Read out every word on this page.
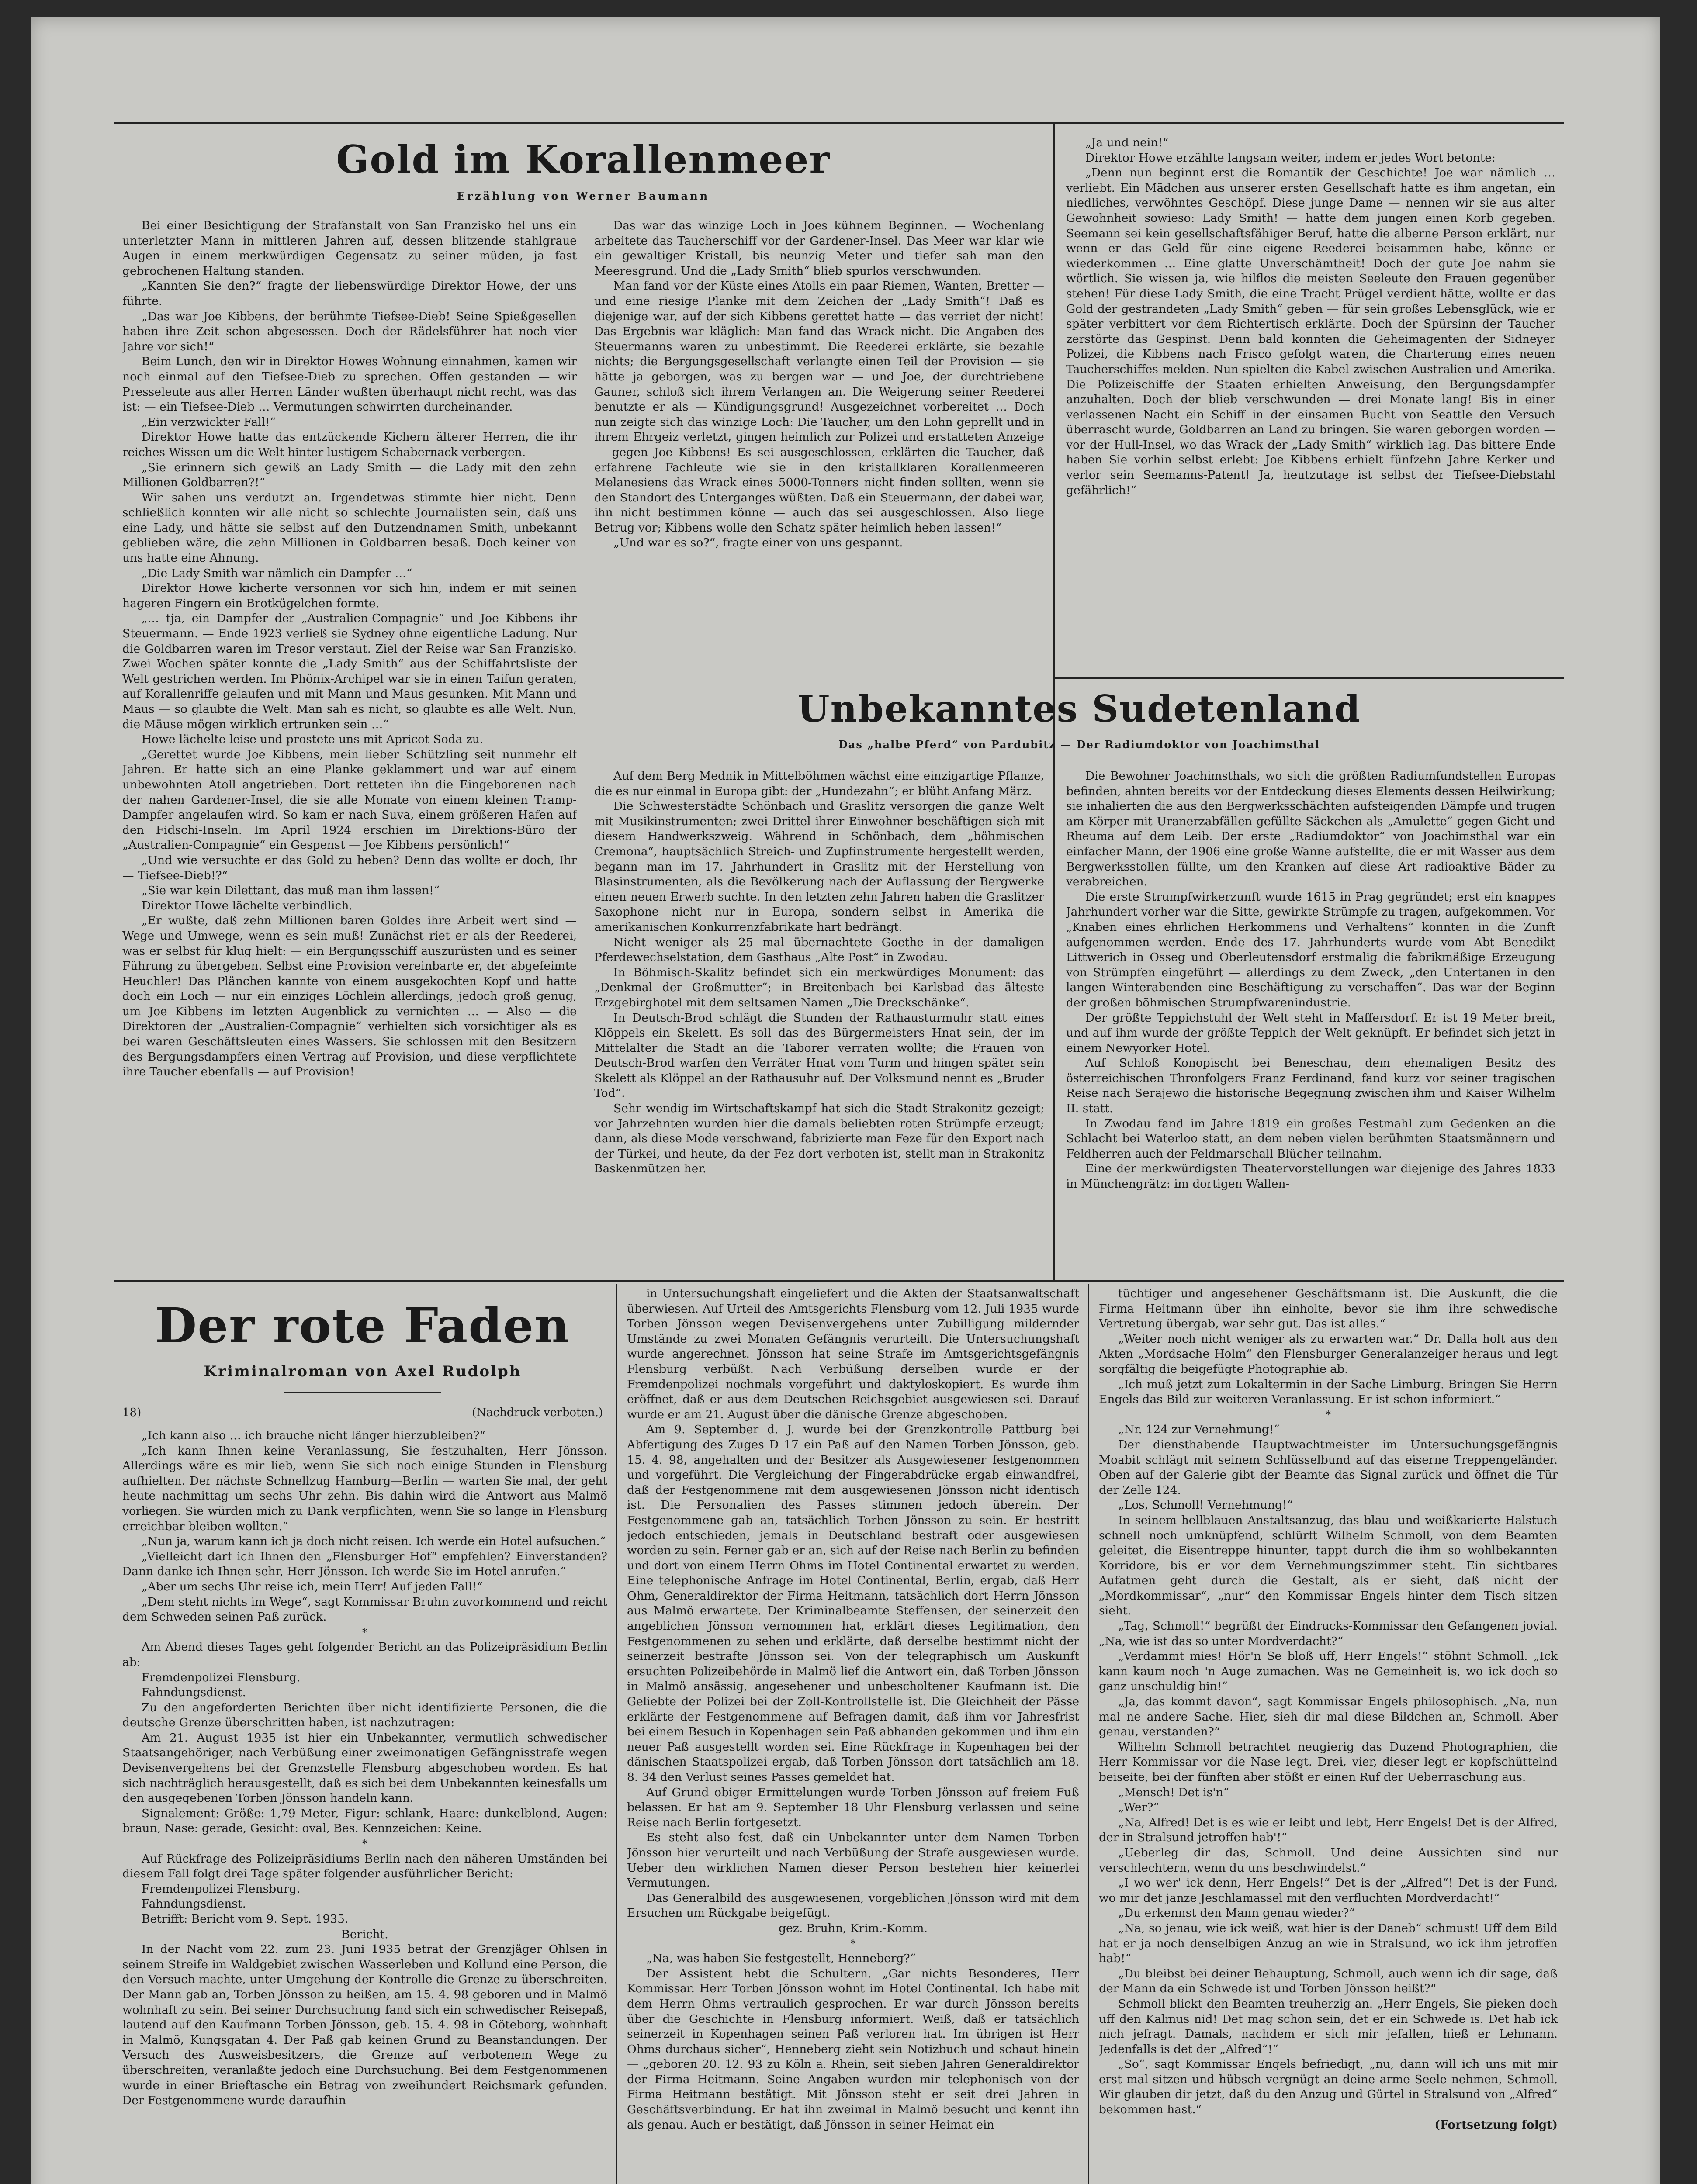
Gold im Korallenmeer

Erzählung von Werner Baumann

Bei einer Besichtigung der Strafanstalt von San Franzisko fiel uns ein unterletzter Mann in mittleren Jahren auf, dessen blitzende stahlgraue Augen in einem merkwürdigen Gegensatz zu seiner müden, ja fast gebrochenen Haltung standen.

„Kannten Sie den?“ fragte der liebenswürdige Direktor Howe, der uns führte.

„Das war Joe Kibbens, der berühmte Tiefsee-Dieb! Seine Spießgesellen haben ihre Zeit schon abgesessen. Doch der Rädelsführer hat noch vier Jahre vor sich!“

Beim Lunch, den wir in Direktor Howes Wohnung einnahmen, kamen wir noch einmal auf den Tiefsee-Dieb zu sprechen. Offen gestanden — wir Presseleute aus aller Herren Länder wußten überhaupt nicht recht, was das ist: — ein Tiefsee-Dieb … Vermutungen schwirrten durcheinander.

„Ein verzwickter Fall!“

Direktor Howe hatte das entzückende Kichern älterer Herren, die ihr reiches Wissen um die Welt hinter lustigem Schabernack verbergen.

„Sie erinnern sich gewiß an Lady Smith — die Lady mit den zehn Millionen Goldbarren?!“

Wir sahen uns verdutzt an. Irgendetwas stimmte hier nicht. Denn schließlich konnten wir alle nicht so schlechte Journalisten sein, daß uns eine Lady, und hätte sie selbst auf den Dutzendnamen Smith, unbekannt geblieben wäre, die zehn Millionen in Goldbarren besaß. Doch keiner von uns hatte eine Ahnung.

„Die Lady Smith war nämlich ein Dampfer …“

Direktor Howe kicherte versonnen vor sich hin, indem er mit seinen hageren Fingern ein Brotkügelchen formte.

„… tja, ein Dampfer der „Australien-Compagnie“ und Joe Kibbens ihr Steuermann. — Ende 1923 verließ sie Sydney ohne eigentliche Ladung. Nur die Goldbarren waren im Tresor verstaut. Ziel der Reise war San Franzisko. Zwei Wochen später konnte die „Lady Smith“ aus der Schiffahrtsliste der Welt gestrichen werden. Im Phönix-Archipel war sie in einen Taifun geraten, auf Korallenriffe gelaufen und mit Mann und Maus gesunken. Mit Mann und Maus — so glaubte die Welt. Man sah es nicht, so glaubte es alle Welt. Nun, die Mäuse mögen wirklich ertrunken sein …“

Howe lächelte leise und prostete uns mit Apricot-Soda zu.

„Gerettet wurde Joe Kibbens, mein lieber Schützling seit nunmehr elf Jahren. Er hatte sich an eine Planke geklammert und war auf einem unbewohnten Atoll angetrieben. Dort retteten ihn die Eingeborenen nach der nahen Gardener-Insel, die sie alle Monate von einem kleinen Tramp-Dampfer angelaufen wird. So kam er nach Suva, einem größeren Hafen auf den Fidschi-Inseln. Im April 1924 erschien im Direktions-Büro der „Australien-Compagnie“ ein Gespenst — Joe Kibbens persönlich!“

„Und wie versuchte er das Gold zu heben? Denn das wollte er doch, Ihr — Tiefsee-Dieb!?“

„Sie war kein Dilettant, das muß man ihm lassen!“

Direktor Howe lächelte verbindlich.

„Er wußte, daß zehn Millionen baren Goldes ihre Arbeit wert sind — Wege und Umwege, wenn es sein muß! Zunächst riet er als der Reederei, was er selbst für klug hielt: — ein Bergungsschiff auszurüsten und es seiner Führung zu übergeben. Selbst eine Provision vereinbarte er, der abgefeimte Heuchler! Das Plänchen kannte von einem ausgekochten Kopf und hatte doch ein Loch — nur ein einziges Löchlein allerdings, jedoch groß genug, um Joe Kibbens im letzten Augenblick zu vernichten … — Also — die Direktoren der „Australien-Compagnie“ verhielten sich vorsichtiger als es bei waren Geschäftsleuten eines Wassers. Sie schlossen mit den Besitzern des Bergungsdampfers einen Vertrag auf Provision, und diese verpflichtete ihre Taucher ebenfalls — auf Provision!

Das war das winzige Loch in Joes kühnem Beginnen. — Wochenlang arbeitete das Taucherschiff vor der Gardener-Insel. Das Meer war klar wie ein gewaltiger Kristall, bis neunzig Meter und tiefer sah man den Meeresgrund. Und die „Lady Smith“ blieb spurlos verschwunden.

Man fand vor der Küste eines Atolls ein paar Riemen, Wanten, Bretter — und eine riesige Planke mit dem Zeichen der „Lady Smith“! Daß es diejenige war, auf der sich Kibbens gerettet hatte — das verriet der nicht! Das Ergebnis war kläglich: Man fand das Wrack nicht. Die Angaben des Steuermanns waren zu unbestimmt. Die Reederei erklärte, sie bezahle nichts; die Bergungsgesellschaft verlangte einen Teil der Provision — sie hätte ja geborgen, was zu bergen war — und Joe, der durchtriebene Gauner, schloß sich ihrem Verlangen an. Die Weigerung seiner Reederei benutzte er als — Kündigungsgrund! Ausgezeichnet vorbereitet … Doch nun zeigte sich das winzige Loch: Die Taucher, um den Lohn geprellt und in ihrem Ehrgeiz verletzt, gingen heimlich zur Polizei und erstatteten Anzeige — gegen Joe Kibbens! Es sei ausgeschlossen, erklärten die Taucher, daß erfahrene Fachleute wie sie in den kristallklaren Korallenmeeren Melanesiens das Wrack eines 5000-Tonners nicht finden sollten, wenn sie den Standort des Unterganges wüßten. Daß ein Steuermann, der dabei war, ihn nicht bestimmen könne — auch das sei ausgeschlossen. Also liege Betrug vor; Kibbens wolle den Schatz später heimlich heben lassen!“

„Und war es so?“, fragte einer von uns gespannt.

„Ja und nein!“

Direktor Howe erzählte langsam weiter, indem er jedes Wort betonte:

„Denn nun beginnt erst die Romantik der Geschichte! Joe war nämlich … verliebt. Ein Mädchen aus unserer ersten Gesellschaft hatte es ihm angetan, ein niedliches, verwöhntes Geschöpf. Diese junge Dame — nennen wir sie aus alter Gewohnheit sowieso: Lady Smith! — hatte dem jungen einen Korb gegeben. Seemann sei kein gesellschaftsfähiger Beruf, hatte die alberne Person erklärt, nur wenn er das Geld für eine eigene Reederei beisammen habe, könne er wiederkommen … Eine glatte Unverschämtheit! Doch der gute Joe nahm sie wörtlich. Sie wissen ja, wie hilflos die meisten Seeleute den Frauen gegenüber stehen! Für diese Lady Smith, die eine Tracht Prügel verdient hätte, wollte er das Gold der gestrandeten „Lady Smith“ geben — für sein großes Lebensglück, wie er später verbittert vor dem Richtertisch erklärte. Doch der Spürsinn der Taucher zerstörte das Gespinst. Denn bald konnten die Geheimagenten der Sidneyer Polizei, die Kibbens nach Frisco gefolgt waren, die Charterung eines neuen Taucherschiffes melden. Nun spielten die Kabel zwischen Australien und Amerika. Die Polizeischiffe der Staaten erhielten Anweisung, den Bergungsdampfer anzuhalten. Doch der blieb verschwunden — drei Monate lang! Bis in einer verlassenen Nacht ein Schiff in der einsamen Bucht von Seattle den Versuch überrascht wurde, Goldbarren an Land zu bringen. Sie waren geborgen worden — vor der Hull-Insel, wo das Wrack der „Lady Smith“ wirklich lag. Das bittere Ende haben Sie vorhin selbst erlebt: Joe Kibbens erhielt fünfzehn Jahre Kerker und verlor sein Seemanns-Patent! Ja, heutzutage ist selbst der Tiefsee-Diebstahl gefährlich!“

Unbekanntes Sudetenland

Das „halbe Pferd“ von Pardubitz — Der Radiumdoktor von Joachimsthal

Auf dem Berg Mednik in Mittelböhmen wächst eine einzigartige Pflanze, die es nur einmal in Europa gibt: der „Hundezahn“; er blüht Anfang März.

Die Schwesterstädte Schönbach und Graslitz versorgen die ganze Welt mit Musikinstrumenten; zwei Drittel ihrer Einwohner beschäftigen sich mit diesem Handwerkszweig. Während in Schönbach, dem „böhmischen Cremona“, hauptsächlich Streich- und Zupfinstrumente hergestellt werden, begann man im 17. Jahrhundert in Graslitz mit der Herstellung von Blasinstrumenten, als die Bevölkerung nach der Auflassung der Bergwerke einen neuen Erwerb suchte. In den letzten zehn Jahren haben die Graslitzer Saxophone nicht nur in Europa, sondern selbst in Amerika die amerikanischen Konkurrenzfabrikate hart bedrängt.

Nicht weniger als 25 mal übernachtete Goethe in der damaligen Pferdewechselstation, dem Gasthaus „Alte Post“ in Zwodau.

In Böhmisch-Skalitz befindet sich ein merkwürdiges Monument: das „Denkmal der Großmutter“; in Breitenbach bei Karlsbad das älteste Erzgebirghotel mit dem seltsamen Namen „Die Dreckschänke“.

In Deutsch-Brod schlägt die Stunden der Rathausturmuhr statt eines Klöppels ein Skelett. Es soll das des Bürgermeisters Hnat sein, der im Mittelalter die Stadt an die Taborer verraten wollte; die Frauen von Deutsch-Brod warfen den Verräter Hnat vom Turm und hingen später sein Skelett als Klöppel an der Rathausuhr auf. Der Volksmund nennt es „Bruder Tod“.

Sehr wendig im Wirtschaftskampf hat sich die Stadt Strakonitz gezeigt; vor Jahrzehnten wurden hier die damals beliebten roten Strümpfe erzeugt; dann, als diese Mode verschwand, fabrizierte man Feze für den Export nach der Türkei, und heute, da der Fez dort verboten ist, stellt man in Strakonitz Baskenmützen her.

Die Bewohner Joachimsthals, wo sich die größten Radiumfundstellen Europas befinden, ahnten bereits vor der Entdeckung dieses Elements dessen Heilwirkung; sie inhalierten die aus den Bergwerksschächten aufsteigenden Dämpfe und trugen am Körper mit Uranerzabfällen gefüllte Säckchen als „Amulette“ gegen Gicht und Rheuma auf dem Leib. Der erste „Radiumdoktor“ von Joachimsthal war ein einfacher Mann, der 1906 eine große Wanne aufstellte, die er mit Wasser aus dem Bergwerksstollen füllte, um den Kranken auf diese Art radioaktive Bäder zu verabreichen.

Die erste Strumpfwirkerzunft wurde 1615 in Prag gegründet; erst ein knappes Jahrhundert vorher war die Sitte, gewirkte Strümpfe zu tragen, aufgekommen. Vor „Knaben eines ehrlichen Herkommens und Verhaltens“ konnten in die Zunft aufgenommen werden. Ende des 17. Jahrhunderts wurde vom Abt Benedikt Littwerich in Osseg und Oberleutensdorf erstmalig die fabrikmäßige Erzeugung von Strümpfen eingeführt — allerdings zu dem Zweck, „den Untertanen in den langen Winterabenden eine Beschäftigung zu verschaffen“. Das war der Beginn der großen böhmischen Strumpfwarenindustrie.

Der größte Teppichstuhl der Welt steht in Maffersdorf. Er ist 19 Meter breit, und auf ihm wurde der größte Teppich der Welt geknüpft. Er befindet sich jetzt in einem Newyorker Hotel.

Auf Schloß Konopischt bei Beneschau, dem ehemaligen Besitz des österreichischen Thronfolgers Franz Ferdinand, fand kurz vor seiner tragischen Reise nach Serajewo die historische Begegnung zwischen ihm und Kaiser Wilhelm II. statt.

In Zwodau fand im Jahre 1819 ein großes Festmahl zum Gedenken an die Schlacht bei Waterloo statt, an dem neben vielen berühmten Staatsmännern und Feldherren auch der Feldmarschall Blücher teilnahm.

Eine der merkwürdigsten Theatervorstellungen war diejenige des Jahres 1833 in Münchengrätz: im dortigen Wallen-

Der rote Faden

Kriminalroman von Axel Rudolph

18)	(Nachdruck verboten.)

„Ich kann also … ich brauche nicht länger hierzubleiben?“

„Ich kann Ihnen keine Veranlassung, Sie festzuhalten, Herr Jönsson. Allerdings wäre es mir lieb, wenn Sie sich noch einige Stunden in Flensburg aufhielten. Der nächste Schnellzug Hamburg—Berlin — warten Sie mal, der geht heute nachmittag um sechs Uhr zehn. Bis dahin wird die Antwort aus Malmö vorliegen. Sie würden mich zu Dank verpflichten, wenn Sie so lange in Flensburg erreichbar bleiben wollten.“

„Nun ja, warum kann ich ja doch nicht reisen. Ich werde ein Hotel aufsuchen.“

„Vielleicht darf ich Ihnen den „Flensburger Hof“ empfehlen? Einverstanden? Dann danke ich Ihnen sehr, Herr Jönsson. Ich werde Sie im Hotel anrufen.“

„Aber um sechs Uhr reise ich, mein Herr! Auf jeden Fall!“

„Dem steht nichts im Wege“, sagt Kommissar Bruhn zuvorkommend und reicht dem Schweden seinen Paß zurück.

*

Am Abend dieses Tages geht folgender Bericht an das Polizeipräsidium Berlin ab:

Fremdenpolizei Flensburg.

Fahndungsdienst.

Zu den angeforderten Berichten über nicht identifizierte Personen, die die deutsche Grenze überschritten haben, ist nachzutragen:

Am 21. August 1935 ist hier ein Unbekannter, vermutlich schwedischer Staatsangehöriger, nach Verbüßung einer zweimonatigen Gefängnisstrafe wegen Devisenvergehens bei der Grenzstelle Flensburg abgeschoben worden. Es hat sich nachträglich herausgestellt, daß es sich bei dem Unbekannten keinesfalls um den ausgegebenen Torben Jönsson handeln kann.

Signalement: Größe: 1,79 Meter, Figur: schlank, Haare: dunkelblond, Augen: braun, Nase: gerade, Gesicht: oval, Bes. Kennzeichen: Keine.

*

Auf Rückfrage des Polizeipräsidiums Berlin nach den näheren Umständen bei diesem Fall folgt drei Tage später folgender ausführlicher Bericht:

Fremdenpolizei Flensburg.

Fahndungsdienst.

Betrifft: Bericht vom 9. Sept. 1935.

Bericht.

In der Nacht vom 22. zum 23. Juni 1935 betrat der Grenzjäger Ohlsen in seinem Streife im Waldgebiet zwischen Wasserleben und Kollund eine Person, die den Versuch machte, unter Umgehung der Kontrolle die Grenze zu überschreiten. Der Mann gab an, Torben Jönsson zu heißen, am 15. 4. 98 geboren und in Malmö wohnhaft zu sein. Bei seiner Durchsuchung fand sich ein schwedischer Reisepaß, lautend auf den Kaufmann Torben Jönsson, geb. 15. 4. 98 in Göteborg, wohnhaft in Malmö, Kungsgatan 4. Der Paß gab keinen Grund zu Beanstandungen. Der Versuch des Ausweisbesitzers, die Grenze auf verbotenem Wege zu überschreiten, veranlaßte jedoch eine Durchsuchung. Bei dem Festgenommenen wurde in einer Brieftasche ein Betrag von zweihundert Reichsmark gefunden. Der Festgenommene wurde daraufhin

in Untersuchungshaft eingeliefert und die Akten der Staatsanwaltschaft überwiesen. Auf Urteil des Amtsgerichts Flensburg vom 12. Juli 1935 wurde Torben Jönsson wegen Devisenvergehens unter Zubilligung mildernder Umstände zu zwei Monaten Gefängnis verurteilt. Die Untersuchungshaft wurde angerechnet. Jönsson hat seine Strafe im Amtsgerichtsgefängnis Flensburg verbüßt. Nach Verbüßung derselben wurde er der Fremdenpolizei nochmals vorgeführt und daktyloskopiert. Es wurde ihm eröffnet, daß er aus dem Deutschen Reichsgebiet ausgewiesen sei. Darauf wurde er am 21. August über die dänische Grenze abgeschoben.

Am 9. September d. J. wurde bei der Grenzkontrolle Pattburg bei Abfertigung des Zuges D 17 ein Paß auf den Namen Torben Jönsson, geb. 15. 4. 98, angehalten und der Besitzer als Ausgewiesener festgenommen und vorgeführt. Die Vergleichung der Fingerabdrücke ergab einwandfrei, daß der Festgenommene mit dem ausgewiesenen Jönsson nicht identisch ist. Die Personalien des Passes stimmen jedoch überein. Der Festgenommene gab an, tatsächlich Torben Jönsson zu sein. Er bestritt jedoch entschieden, jemals in Deutschland bestraft oder ausgewiesen worden zu sein. Ferner gab er an, sich auf der Reise nach Berlin zu befinden und dort von einem Herrn Ohms im Hotel Continental erwartet zu werden. Eine telephonische Anfrage im Hotel Continental, Berlin, ergab, daß Herr Ohm, Generaldirektor der Firma Heitmann, tatsächlich dort Herrn Jönsson aus Malmö erwartete. Der Kriminalbeamte Steffensen, der seinerzeit den angeblichen Jönsson vernommen hat, erklärt dieses Legitimation, den Festgenommenen zu sehen und erklärte, daß derselbe bestimmt nicht der seinerzeit bestrafte Jönsson sei. Von der telegraphisch um Auskunft ersuchten Polizeibehörde in Malmö lief die Antwort ein, daß Torben Jönsson in Malmö ansässig, angesehener und unbescholtener Kaufmann ist. Die Geliebte der Polizei bei der Zoll-Kontrollstelle ist. Die Gleichheit der Pässe erklärte der Festgenommene auf Befragen damit, daß ihm vor Jahresfrist bei einem Besuch in Kopenhagen sein Paß abhanden gekommen und ihm ein neuer Paß ausgestellt worden sei. Eine Rückfrage in Kopenhagen bei der dänischen Staatspolizei ergab, daß Torben Jönsson dort tatsächlich am 18. 8. 34 den Verlust seines Passes gemeldet hat.

Auf Grund obiger Ermittelungen wurde Torben Jönsson auf freiem Fuß belassen. Er hat am 9. September 18 Uhr Flensburg verlassen und seine Reise nach Berlin fortgesetzt.

Es steht also fest, daß ein Unbekannter unter dem Namen Torben Jönsson hier verurteilt und nach Verbüßung der Strafe ausgewiesen wurde. Ueber den wirklichen Namen dieser Person bestehen hier keinerlei Vermutungen.

Das Generalbild des ausgewiesenen, vorgeblichen Jönsson wird mit dem Ersuchen um Rückgabe beigefügt.

gez. Bruhn, Krim.-Komm.

*

„Na, was haben Sie festgestellt, Henneberg?“

Der Assistent hebt die Schultern. „Gar nichts Besonderes, Herr Kommissar. Herr Torben Jönsson wohnt im Hotel Continental. Ich habe mit dem Herrn Ohms vertraulich gesprochen. Er war durch Jönsson bereits über die Geschichte in Flensburg informiert. Weiß, daß er tatsächlich seinerzeit in Kopenhagen seinen Paß verloren hat. Im übrigen ist Herr Ohms durchaus sicher“, Henneberg zieht sein Notizbuch und schaut hinein — „geboren 20. 12. 93 zu Köln a. Rhein, seit sieben Jahren Generaldirektor der Firma Heitmann. Seine Angaben wurden mir telephonisch von der Firma Heitmann bestätigt. Mit Jönsson steht er seit drei Jahren in Geschäftsverbindung. Er hat ihn zweimal in Malmö besucht und kennt ihn als genau. Auch er bestätigt, daß Jönsson in seiner Heimat ein

tüchtiger und angesehener Geschäftsmann ist. Die Auskunft, die die Firma Heitmann über ihn einholte, bevor sie ihm ihre schwedische Vertretung übergab, war sehr gut. Das ist alles.“

„Weiter noch nicht weniger als zu erwarten war.“ Dr. Dalla holt aus den Akten „Mordsache Holm“ den Flensburger Generalanzeiger heraus und legt sorgfältig die beigefügte Photographie ab.

„Ich muß jetzt zum Lokaltermin in der Sache Limburg. Bringen Sie Herrn Engels das Bild zur weiteren Veranlassung. Er ist schon informiert.“

*

„Nr. 124 zur Vernehmung!“

Der diensthabende Hauptwachtmeister im Untersuchungsgefängnis Moabit schlägt mit seinem Schlüsselbund auf das eiserne Treppengeländer. Oben auf der Galerie gibt der Beamte das Signal zurück und öffnet die Tür der Zelle 124.

„Los, Schmoll! Vernehmung!“

In seinem hellblauen Anstaltsanzug, das blau- und weißkarierte Halstuch schnell noch umknüpfend, schlürft Wilhelm Schmoll, von dem Beamten geleitet, die Eisentreppe hinunter, tappt durch die ihm so wohlbekannten Korridore, bis er vor dem Vernehmungszimmer steht. Ein sichtbares Aufatmen geht durch die Gestalt, als er sieht, daß nicht der „Mordkommissar“, „nur“ den Kommissar Engels hinter dem Tisch sitzen sieht.

„Tag, Schmoll!“ begrüßt der Eindrucks-Kommissar den Gefangenen jovial. „Na, wie ist das so unter Mordverdacht?“

„Verdammt mies! Hör'n Se bloß uff, Herr Engels!“ stöhnt Schmoll. „Ick kann kaum noch 'n Auge zumachen. Was ne Gemeinheit is, wo ick doch so ganz unschuldig bin!“

„Ja, das kommt davon“, sagt Kommissar Engels philosophisch. „Na, nun mal ne andere Sache. Hier, sieh dir mal diese Bildchen an, Schmoll. Aber genau, verstanden?“

Wilhelm Schmoll betrachtet neugierig das Duzend Photographien, die Herr Kommissar vor die Nase legt. Drei, vier, dieser legt er kopfschüttelnd beiseite, bei der fünften aber stößt er einen Ruf der Ueberraschung aus.

„Mensch! Det is'n“

„Wer?“

„Na, Alfred! Det is es wie er leibt und lebt, Herr Engels! Det is der Alfred, der in Stralsund jetroffen hab'!“

„Ueberleg dir das, Schmoll. Und deine Aussichten sind nur verschlechtern, wenn du uns beschwindelst.“

„I wo wer' ick denn, Herr Engels!“ Det is der „Alfred“! Det is der Fund, wo mir det janze Jeschlamassel mit den verfluchten Mordverdacht!“

„Du erkennst den Mann genau wieder?“

„Na, so jenau, wie ick weiß, wat hier is der Daneb“ schmust! Uff dem Bild hat er ja noch denselbigen Anzug an wie in Stralsund, wo ick ihm jetroffen hab!“

„Du bleibst bei deiner Behauptung, Schmoll, auch wenn ich dir sage, daß der Mann da ein Schwede ist und Torben Jönsson heißt?“

Schmoll blickt den Beamten treuherzig an. „Herr Engels, Sie pieken doch uff den Kalmus nid! Det mag schon sein, det er ein Schwede is. Det hab ick nich jefragt. Damals, nachdem er sich mir jefallen, hieß er Lehmann. Jedenfalls is det der „Alfred“!“

„So“, sagt Kommissar Engels befriedigt, „nu, dann will ich uns mit mir erst mal sitzen und hübsch vergnügt an deine arme Seele nehmen, Schmoll. Wir glauben dir jetzt, daß du den Anzug und Gürtel in Stralsund von „Alfred“ bekommen hast.“

(Fortsetzung folgt)
